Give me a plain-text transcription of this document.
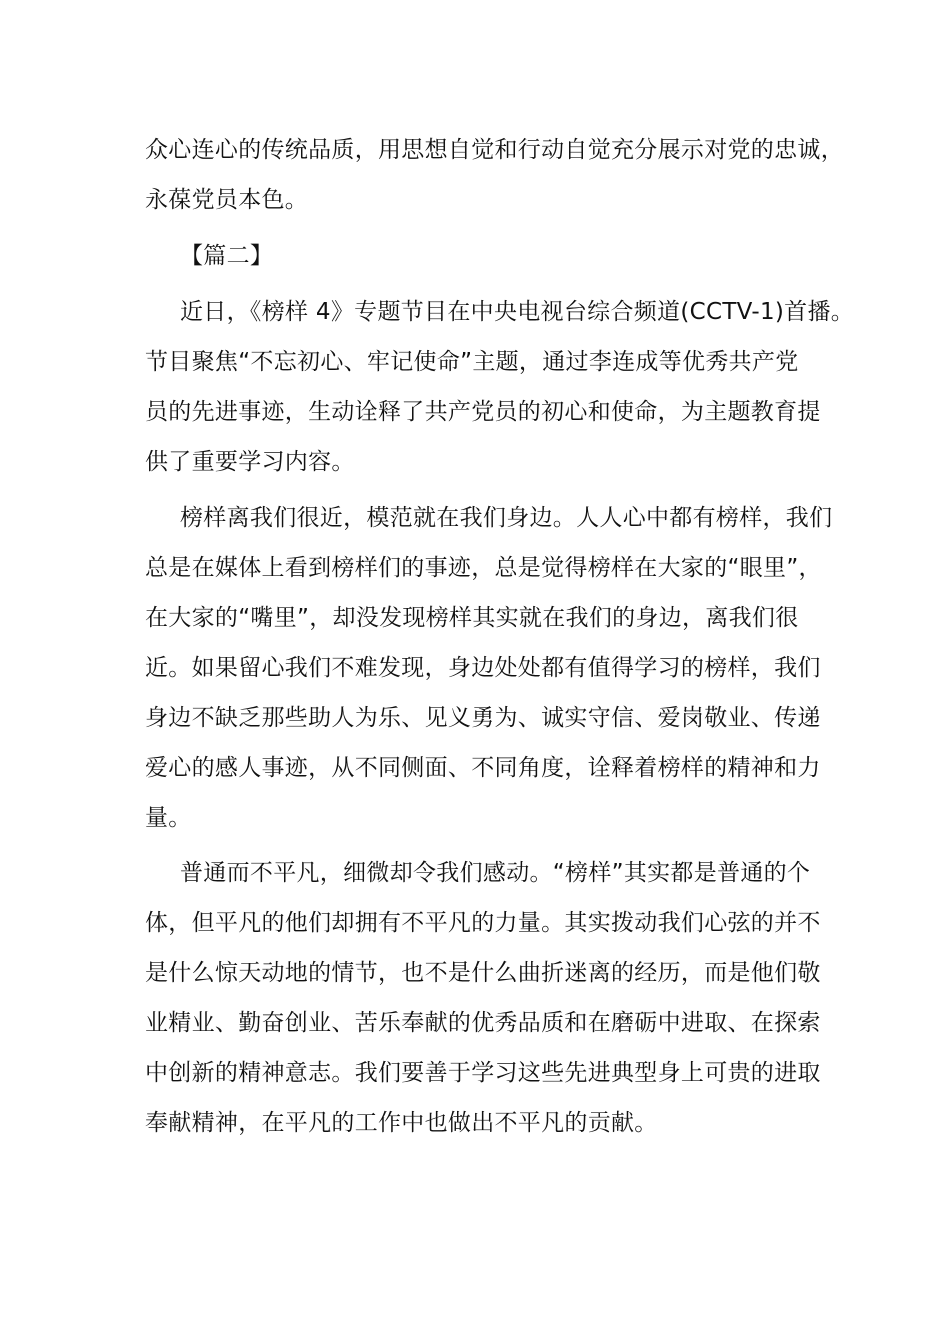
众心连心的传统品质，用思想自觉和行动自觉充分展示对党的忠诚，
永葆党员本色。
【篇二】
近日，《榜样 4》专题节目在中央电视台综合频道(CCTV-1)首播。
节目聚焦“不忘初心、牢记使命”主题，通过李连成等优秀共产党
员的先进事迹，生动诠释了共产党员的初心和使命，为主题教育提
供了重要学习内容。
榜样离我们很近，模范就在我们身边。人人心中都有榜样，我们
总是在媒体上看到榜样们的事迹，总是觉得榜样在大家的“眼里”，
在大家的“嘴里”，却没发现榜样其实就在我们的身边，离我们很
近。如果留心我们不难发现，身边处处都有值得学习的榜样，我们
身边不缺乏那些助人为乐、见义勇为、诚实守信、爱岗敬业、传递
爱心的感人事迹，从不同侧面、不同角度，诠释着榜样的精神和力
量。
普通而不平凡，细微却令我们感动。“榜样”其实都是普通的个
体，但平凡的他们却拥有不平凡的力量。其实拨动我们心弦的并不
是什么惊天动地的情节，也不是什么曲折迷离的经历，而是他们敬
业精业、勤奋创业、苦乐奉献的优秀品质和在磨砺中进取、在探索
中创新的精神意志。我们要善于学习这些先进典型身上可贵的进取
奉献精神，在平凡的工作中也做出不平凡的贡献。
